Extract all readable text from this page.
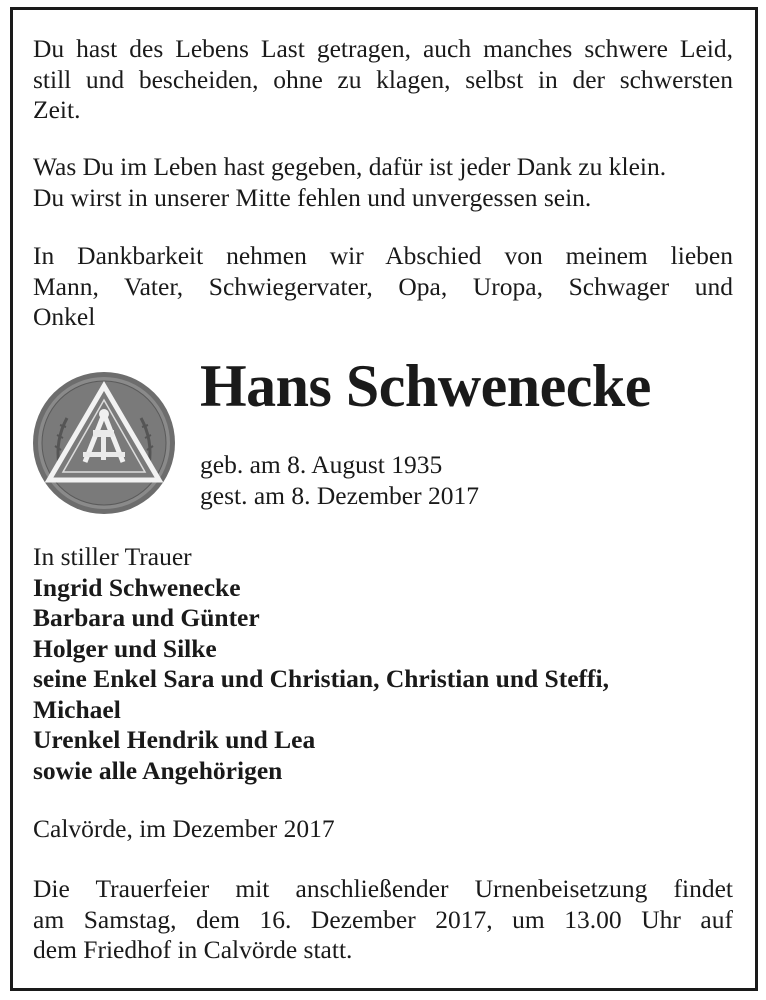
Du hast des Lebens Last getragen, auch manches schwere Leid,
still und bescheiden, ohne zu klagen, selbst in der schwersten
Zeit.
Was Du im Leben hast gegeben, dafür ist jeder Dank zu klein.
Du wirst in unserer Mitte fehlen und unvergessen sein.
In Dankbarkeit nehmen wir Abschied von meinem lieben
Mann, Vater, Schwiegervater, Opa, Uropa, Schwager und
Onkel
Hans Schwenecke
geb. am 8. August 1935
gest. am 8. Dezember 2017
In stiller Trauer
Ingrid Schwenecke
Barbara und Günter
Holger und Silke
seine Enkel Sara und Christian, Christian und Steffi,
Michael
Urenkel Hendrik und Lea
sowie alle Angehörigen
Calvörde, im Dezember 2017
Die Trauerfeier mit anschließender Urnenbeisetzung findet
am Samstag, dem 16. Dezember 2017, um 13.00 Uhr auf
dem Friedhof in Calvörde statt.
